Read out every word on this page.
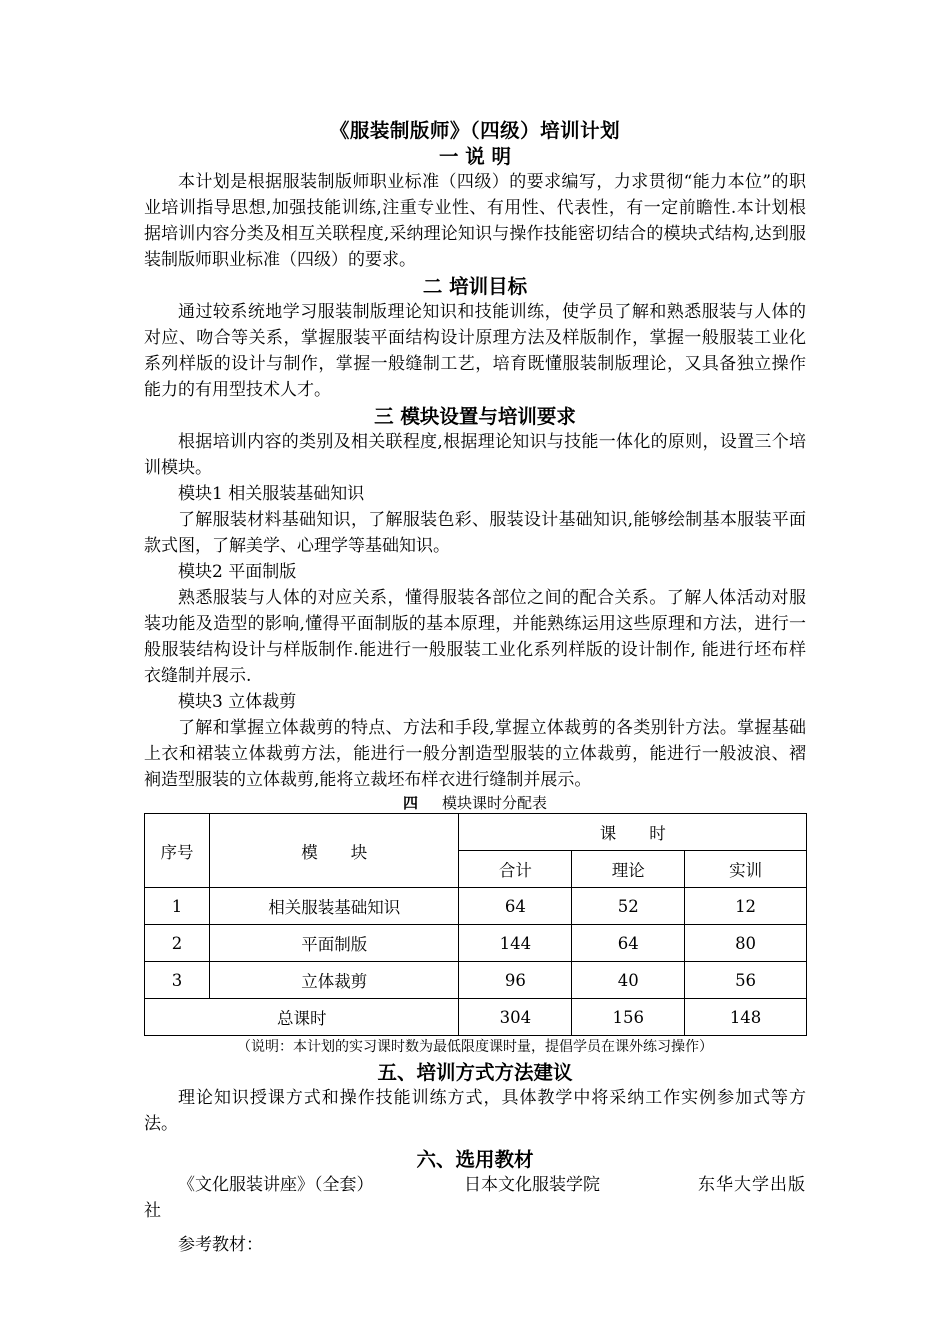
《服装制版师》（四级）培训计划
一 说 明

本计划是根据服装制版师职业标准（四级）的要求编写，力求贯彻“能力本位”的职业培训指导思想,加强技能训练,注重专业性、有用性、代表性，有一定前瞻性.本计划根据培训内容分类及相互关联程度,采纳理论知识与操作技能密切结合的模块式结构,达到服装制版师职业标准（四级）的要求。

二 培训目标

通过较系统地学习服装制版理论知识和技能训练，使学员了解和熟悉服装与人体的对应、吻合等关系，掌握服装平面结构设计原理方法及样版制作，掌握一般服装工业化系列样版的设计与制作，掌握一般缝制工艺，培育既懂服装制版理论，又具备独立操作能力的有用型技术人才。

三 模块设置与培训要求

根据培训内容的类别及相关联程度,根据理论知识与技能一体化的原则，设置三个培训模块。

模块1 相关服装基础知识

了解服装材料基础知识，了解服装色彩、服装设计基础知识,能够绘制基本服装平面款式图，了解美学、心理学等基础知识。

模块2 平面制版

熟悉服装与人体的对应关系，懂得服装各部位之间的配合关系。了解人体活动对服装功能及造型的影响,懂得平面制版的基本原理，并能熟练运用这些原理和方法，进行一般服装结构设计与样版制作.能进行一般服装工业化系列样版的设计制作, 能进行坯布样衣缝制并展示.

模块3 立体裁剪

了解和掌握立体裁剪的特点、方法和手段,掌握立体裁剪的各类别针方法。掌握基础上衣和裙装立体裁剪方法，能进行一般分割造型服装的立体裁剪，能进行一般波浪、褶裥造型服装的立体裁剪,能将立裁坯布样衣进行缝制并展示。

四 模块课时分配表
序号	模　　块	课　　时		
		合计	理论	实训
1	相关服装基础知识	64	52	12
2	平面制版	144	64	80
3	立体裁剪	96	40	56
总课时		304	156	148
（说明：本计划的实习课时数为最低限度课时量，提倡学员在课外练习操作）
五、培训方式方法建议

理论知识授课方式和操作技能训练方式，具体教学中将采纳工作实例参加式等方法。

六、选用教材
《文化服装讲座》（全套）	日本文化服装学院	东华大学出版
社
参考教材：
